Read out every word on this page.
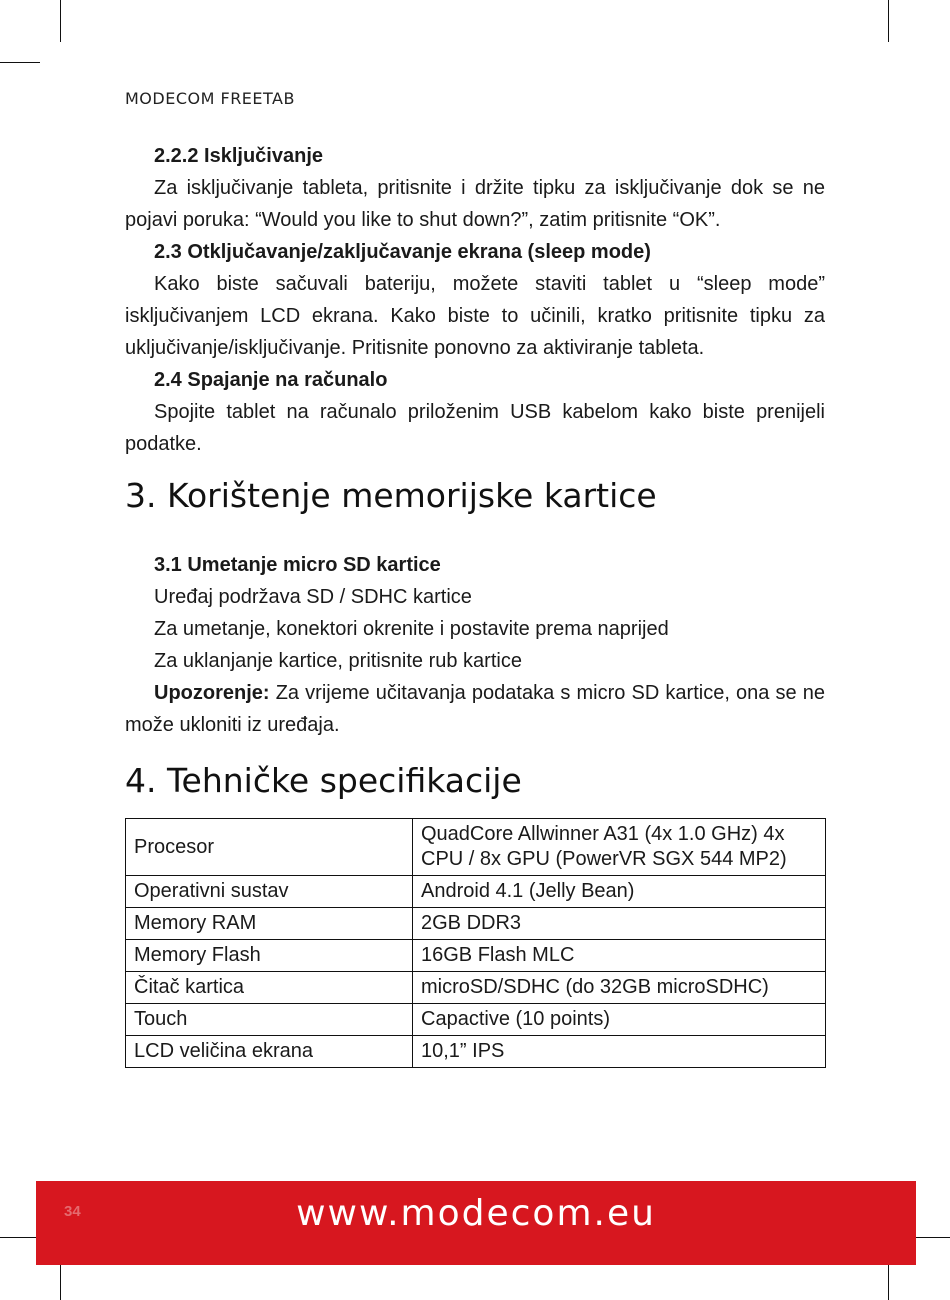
MODECOM FREETAB

2.2.2 Isključivanje

Za isključivanje tableta, pritisnite i držite tipku za isključivanje dok se ne pojavi poruka: “Would you like to shut down?”, zatim pritisnite “OK”.

2.3 Otključavanje/zaključavanje ekrana (sleep mode)

Kako biste sačuvali bateriju, možete staviti tablet u “sleep mode” isključivanjem LCD ekrana. Kako biste to učinili, kratko pritisnite tipku za uključivanje/isključivanje. Pritisnite ponovno za aktiviranje tableta.

2.4 Spajanje na računalo

Spojite tablet na računalo priloženim USB kabelom kako biste prenijeli podatke.

3. Korištenje memorijske kartice

3.1 Umetanje micro SD kartice

Uređaj podržava SD / SDHC kartice

Za umetanje, konektori okrenite i postavite prema naprijed

Za uklanjanje kartice, pritisnite rub kartice

Upozorenje: Za vrijeme učitavanja podataka s micro SD kartice, ona se ne može ukloniti iz uređaja.

4. Tehničke specifikacije
Procesor	QuadCore Allwinner A31 (4x 1.0 GHz) 4x CPU / 8x GPU (PowerVR SGX 544 MP2)
Operativni sustav	Android 4.1 (Jelly Bean)
Memory RAM	2GB DDR3
Memory Flash	16GB Flash MLC
Čitač kartica	microSD/SDHC (do 32GB microSDHC)
Touch	Capactive (10 points)
LCD veličina ekrana	10,1” IPS
34	www.modecom.eu
